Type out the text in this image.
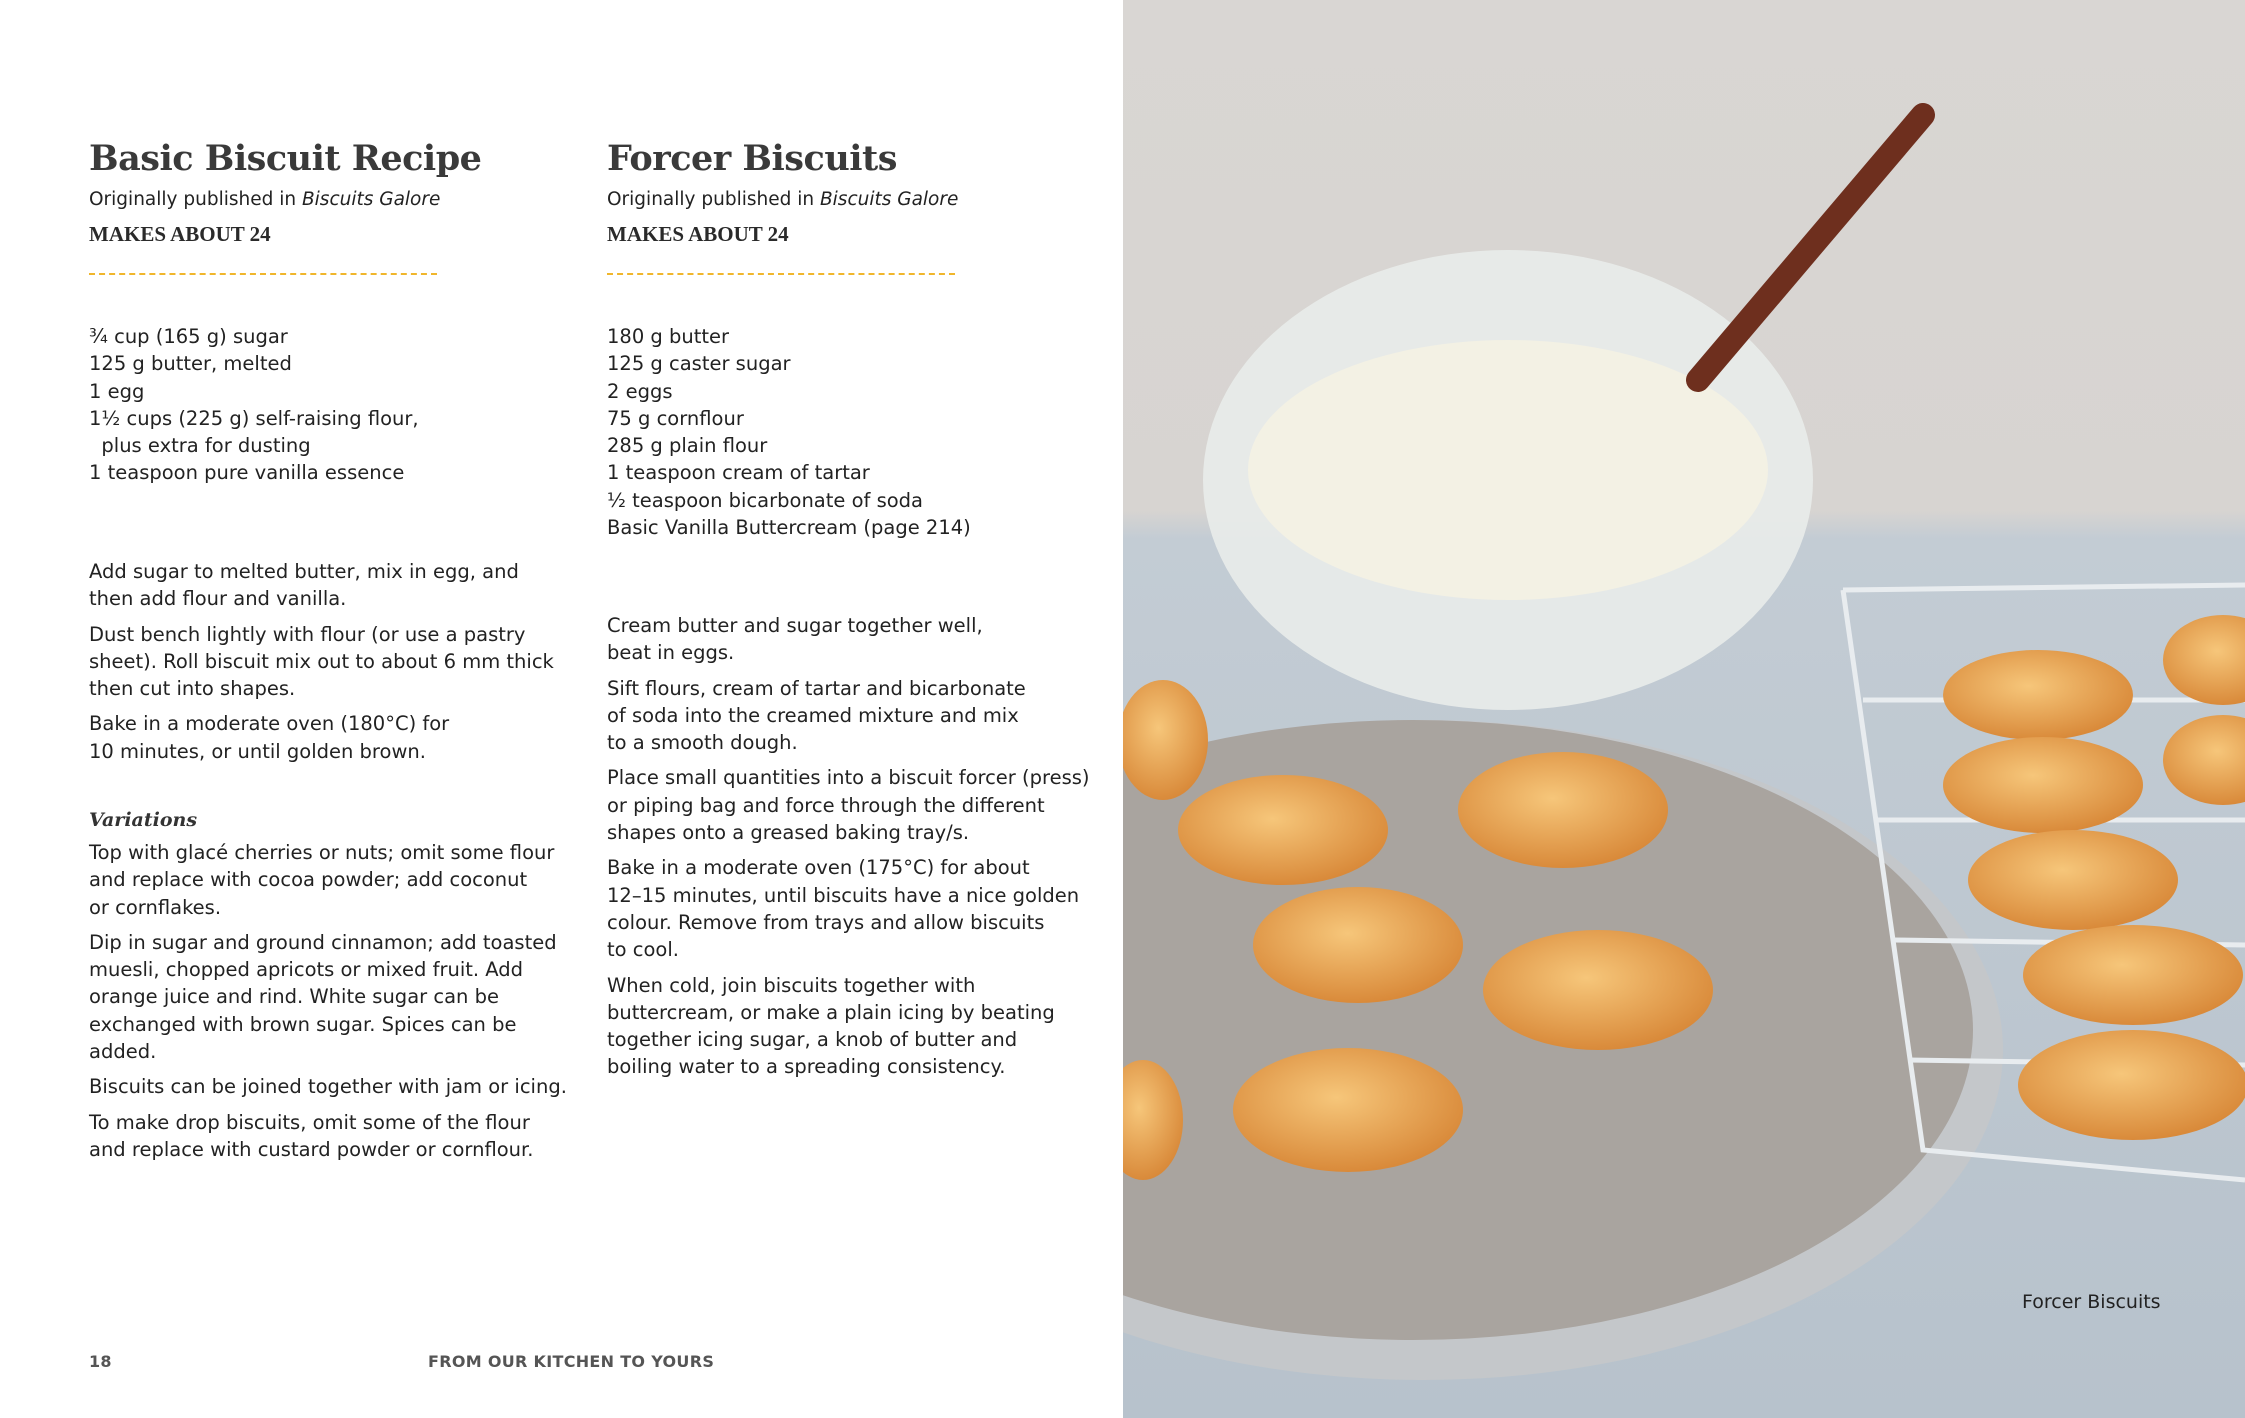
Basic Biscuit Recipe
Originally published in Biscuits Galore
MAKES ABOUT 24
¾ cup (165 g) sugar
125 g butter, melted
1 egg
1½ cups (225 g) self-raising flour,
plus extra for dusting
1 teaspoon pure vanilla essence

Add sugar to melted butter, mix in egg, and
then add flour and vanilla.

Dust bench lightly with flour (or use a pastry
sheet). Roll biscuit mix out to about 6 mm thick
then cut into shapes.

Bake in a moderate oven (180°C) for
10 minutes, or until golden brown.

Variations

Top with glacé cherries or nuts; omit some flour
and replace with cocoa powder; add coconut
or cornflakes.

Dip in sugar and ground cinnamon; add toasted
muesli, chopped apricots or mixed fruit. Add
orange juice and rind. White sugar can be
exchanged with brown sugar. Spices can be
added.

Biscuits can be joined together with jam or icing.

To make drop biscuits, omit some of the flour
and replace with custard powder or cornflour.

Forcer Biscuits
Originally published in Biscuits Galore
MAKES ABOUT 24
180 g butter
125 g caster sugar
2 eggs
75 g cornflour
285 g plain flour
1 teaspoon cream of tartar
½ teaspoon bicarbonate of soda
Basic Vanilla Buttercream (page 214)

Cream butter and sugar together well,
beat in eggs.

Sift flours, cream of tartar and bicarbonate
of soda into the creamed mixture and mix
to a smooth dough.

Place small quantities into a biscuit forcer (press)
or piping bag and force through the different
shapes onto a greased baking tray/s.

Bake in a moderate oven (175°C) for about
12–15 minutes, until biscuits have a nice golden
colour. Remove from trays and allow biscuits
to cool.

When cold, join biscuits together with
buttercream, or make a plain icing by beating
together icing sugar, a knob of butter and
boiling water to a spreading consistency.

18	FROM OUR KITCHEN TO YOURS
Forcer Biscuits
